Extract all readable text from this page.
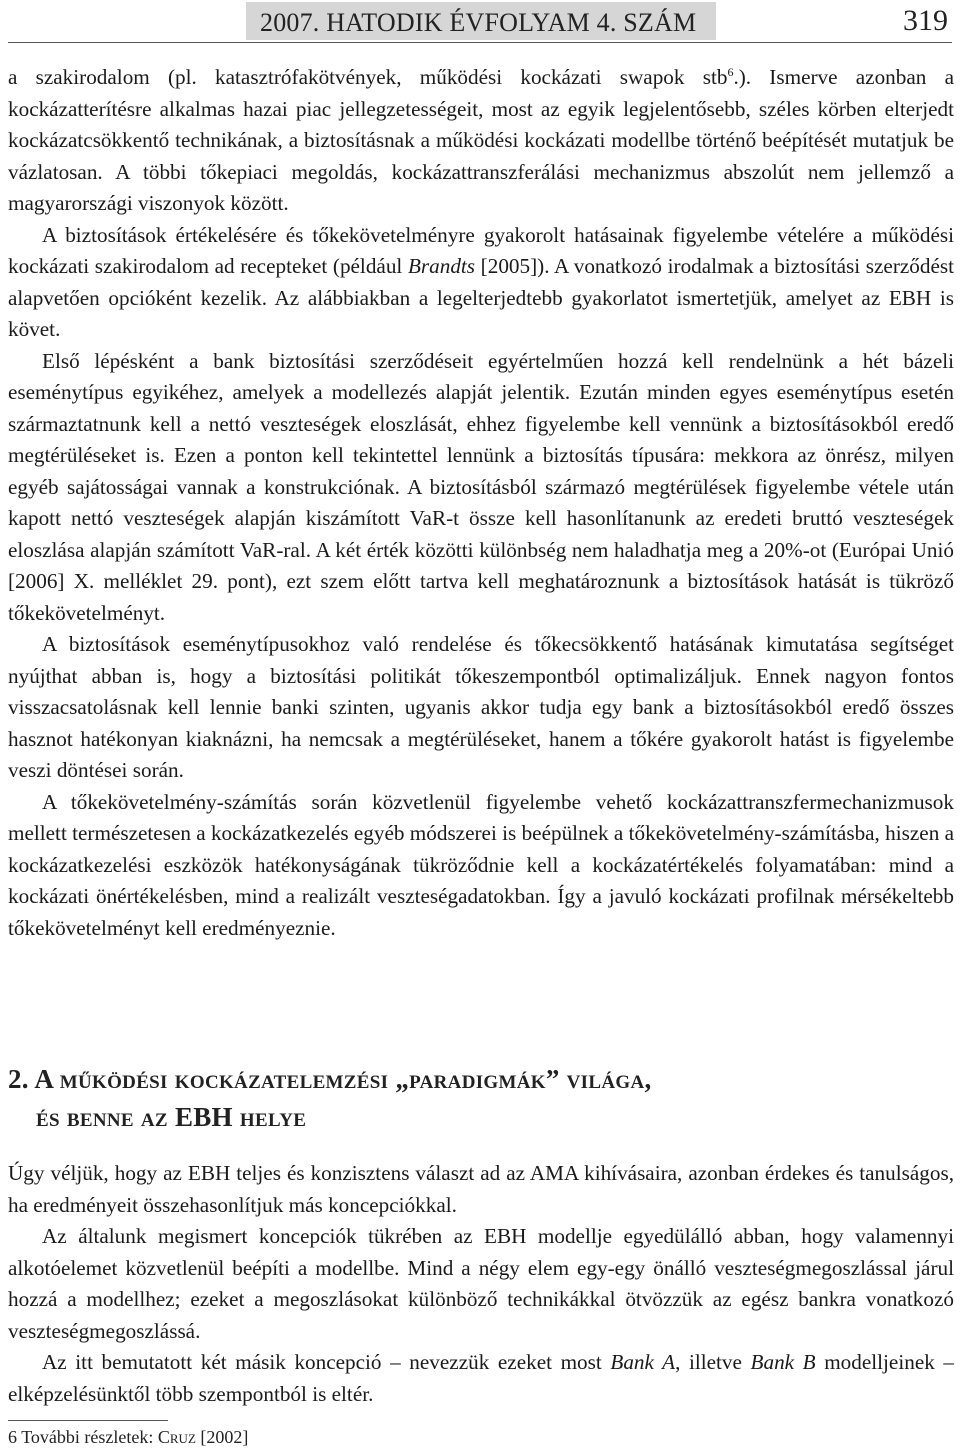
2007. HATODIK ÉVFOLYAM 4. SZÁM	319

a szakirodalom (pl. katasztrófakötvények, működési kockázati swapok stb$^6$.). Ismerve azonban a kockázatterítésre alkalmas hazai piac jellegzetességeit, most az egyik legjelentősebb, széles körben elterjedt kockázatcsökkentő technikának, a biztosításnak a működési kockázati modellbe történő beépítését mutatjuk be vázlatosan. A többi tőkepiaci megoldás, kockázattranszferálási mechanizmus abszolút nem jellemző a magyarországi viszonyok között.

A biztosítások értékelésére és tőkekövetelményre gyakorolt hatásainak figyelembe vételére a működési kockázati szakirodalom ad recepteket (például Brandts [2005]). A vonatkozó irodalmak a biztosítási szerződést alapvetően opcióként kezelik. Az alábbiakban a legelterjedtebb gyakorlatot ismertetjük, amelyet az EBH is követ.

Első lépésként a bank biztosítási szerződéseit egyértelműen hozzá kell rendelnünk a hét bázeli eseménytípus egyikéhez, amelyek a modellezés alapját jelentik. Ezután minden egyes eseménytípus esetén származtatnunk kell a nettó veszteségek eloszlását, ehhez figyelembe kell vennünk a biztosításokból eredő megtérüléseket is. Ezen a ponton kell tekintettel lennünk a biztosítás típusára: mekkora az önrész, milyen egyéb sajátosságai vannak a konstrukciónak. A biztosításból származó megtérülések figyelembe vétele után kapott nettó veszteségek alapján kiszámított VaR-t össze kell hasonlítanunk az eredeti bruttó veszteségek eloszlása alapján számított VaR-ral. A két érték közötti különbség nem haladhatja meg a 20%-ot (Európai Unió [2006] X. melléklet 29. pont), ezt szem előtt tartva kell meghatároznunk a biztosítások hatását is tükröző tőkekövetelményt.

A biztosítások eseménytípusokhoz való rendelése és tőkecsökkentő hatásának kimutatása segítséget nyújthat abban is, hogy a biztosítási politikát tőkeszempontból optimalizáljuk. Ennek nagyon fontos visszacsatolásnak kell lennie banki szinten, ugyanis akkor tudja egy bank a biztosításokból eredő összes hasznot hatékonyan kiaknázni, ha nemcsak a megtérüléseket, hanem a tőkére gyakorolt hatást is figyelembe veszi döntései során.

A tőkekövetelmény-számítás során közvetlenül figyelembe vehető kockázattranszfermechanizmusok mellett természetesen a kockázatkezelés egyéb módszerei is beépülnek a tőkekövetelmény-számításba, hiszen a kockázatkezelési eszközök hatékonyságának tükröződnie kell a kockázatértékelés folyamatában: mind a kockázati önértékelésben, mind a realizált veszteségadatokban. Így a javuló kockázati profilnak mérsékeltebb tőkekövetelményt kell eredményeznie.

2. A működési kockázatelemzési „paradigmák” világa,
és benne az EBH helye

Úgy véljük, hogy az EBH teljes és konzisztens választ ad az AMA kihívásaira, azonban érdekes és tanulságos, ha eredményeit összehasonlítjuk más koncepciókkal.

Az általunk megismert koncepciók tükrében az EBH modellje egyedülálló abban, hogy valamennyi alkotóelemet közvetlenül beépíti a modellbe. Mind a négy elem egy-egy önálló veszteségmegoszlással járul hozzá a modellhez; ezeket a megoszlásokat különböző technikákkal ötvözzük az egész bankra vonatkozó veszteségmegoszlássá.

Az itt bemutatott két másik koncepció – nevezzük ezeket most Bank A, illetve Bank B modelljeinek – elképzelésünktől több szempontból is eltér.

6 További részletek: Cruz [2002]
